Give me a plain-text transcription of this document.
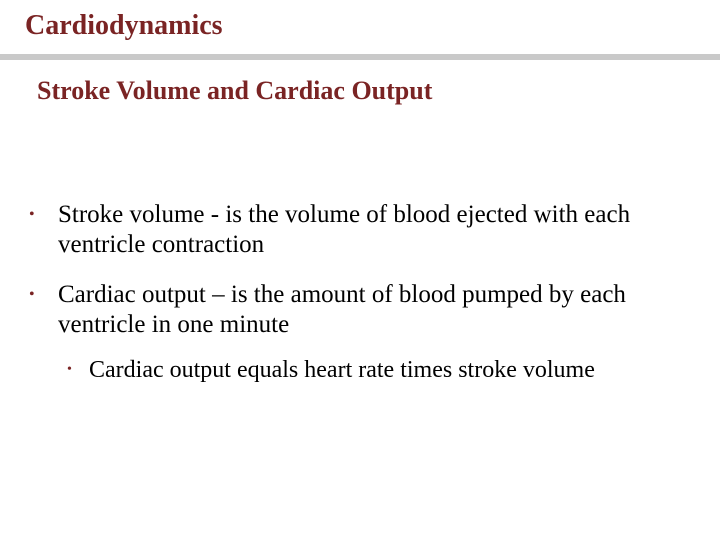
Cardiodynamics
Stroke Volume and Cardiac Output
• Stroke volume - is the volume of blood ejected with each ventricle contraction
• Cardiac output – is the amount of blood pumped by each ventricle in one minute
• Cardiac output equals heart rate times stroke volume
